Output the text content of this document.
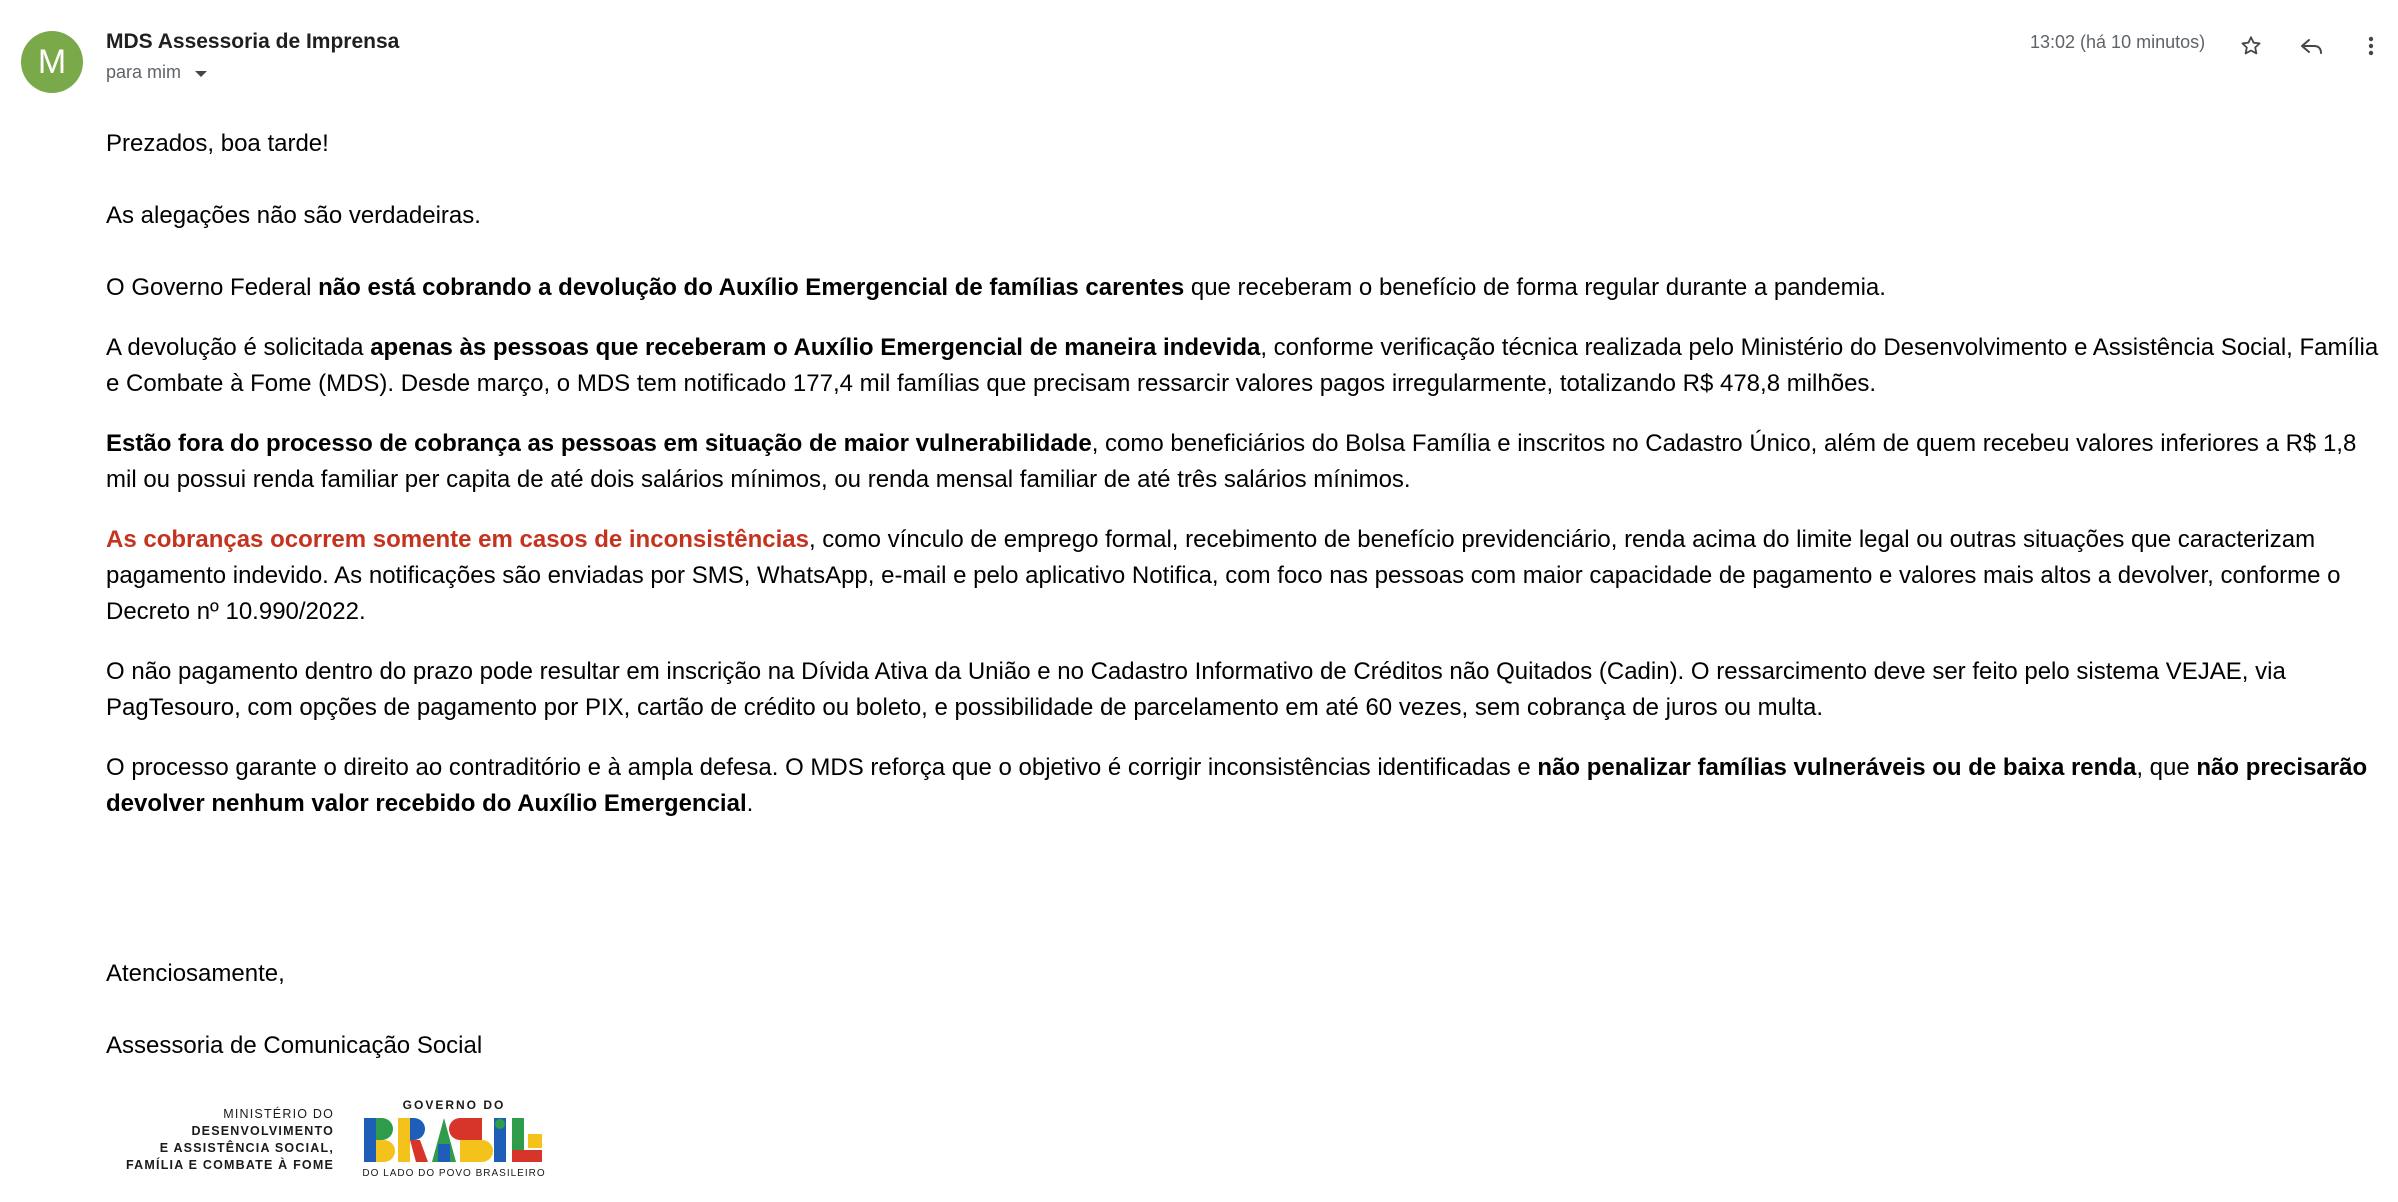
M
MDS Assessoria de Imprensa
para mim
13:02 (há 10 minutos)

Prezados, boa tarde!

As alegações não são verdadeiras.

O Governo Federal não está cobrando a devolução do Auxílio Emergencial de famílias carentes que receberam o benefício de forma regular durante a pandemia.

A devolução é solicitada apenas às pessoas que receberam o Auxílio Emergencial de maneira indevida, conforme verificação técnica realizada pelo Ministério do Desenvolvimento e Assistência Social, Família e Combate à Fome (MDS). Desde março, o MDS tem notificado 177,4 mil famílias que precisam ressarcir valores pagos irregularmente, totalizando R$ 478,8 milhões.

Estão fora do processo de cobrança as pessoas em situação de maior vulnerabilidade, como beneficiários do Bolsa Família e inscritos no Cadastro Único, além de quem recebeu valores inferiores a R$ 1,8 mil ou possui renda familiar per capita de até dois salários mínimos, ou renda mensal familiar de até três salários mínimos.

As cobranças ocorrem somente em casos de inconsistências, como vínculo de emprego formal, recebimento de benefício previdenciário, renda acima do limite legal ou outras situações que caracterizam pagamento indevido. As notificações são enviadas por SMS, WhatsApp, e-mail e pelo aplicativo Notifica, com foco nas pessoas com maior capacidade de pagamento e valores mais altos a devolver, conforme o Decreto nº 10.990/2022.

O não pagamento dentro do prazo pode resultar em inscrição na Dívida Ativa da União e no Cadastro Informativo de Créditos não Quitados (Cadin). O ressarcimento deve ser feito pelo sistema VEJAE, via PagTesouro, com opções de pagamento por PIX, cartão de crédito ou boleto, e possibilidade de parcelamento em até 60 vezes, sem cobrança de juros ou multa.

O processo garante o direito ao contraditório e à ampla defesa. O MDS reforça que o objetivo é corrigir inconsistências identificadas e não penalizar famílias vulneráveis ou de baixa renda, que não precisarão devolver nenhum valor recebido do Auxílio Emergencial.

Atenciosamente,
Assessoria de Comunicação Social
MINISTÉRIO DO
DESENVOLVIMENTO
E ASSISTÊNCIA SOCIAL,
FAMÍLIA E COMBATE À FOME
GOVERNO DO
DO LADO DO POVO BRASILEIRO
